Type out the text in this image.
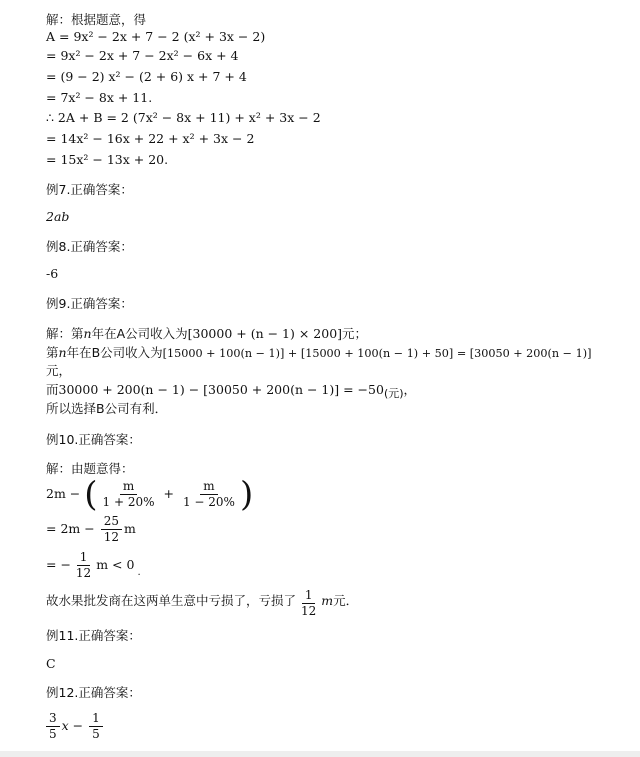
解：根据题意，得
A = 9x² − 2x + 7 − 2 (x² + 3x − 2)
= 9x² − 2x + 7 − 2x² − 6x + 4
= (9 − 2) x² − (2 + 6) x + 7 + 4
= 7x² − 8x + 11.
∴ 2A + B = 2 (7x² − 8x + 11) + x² + 3x − 2
= 14x² − 16x + 22 + x² + 3x − 2
= 15x² − 13x + 20.
例7.正确答案：
2ab
例8.正确答案：
-6
例9.正确答案：
解：第n年在A公司收入为[30000 + (n − 1) × 200]元；
第n年在B公司收入为[15000 + 100(n − 1)] + [15000 + 100(n − 1) + 50] = [30050 + 200(n − 1)]
元，
而30000 + 200(n − 1) − [30050 + 200(n − 1)] = −50(元)，
所以选择B公司有利．
例10.正确答案：
解：由题意得：
2m − ( $\frac{m}{1 + 20\%} + \frac{m}{1 - 20\%}$ )
= $2m - \frac{25}{12}$ m
= − $\frac{1}{12}$ $m < 0_.$
故水果批发商在这两单生意中亏损了，亏损了 $\frac{1}{12}$ m元．
例11.正确答案：
C
例12.正确答案：
$\frac{3}{5}$ $x - \frac{1}{5}$
